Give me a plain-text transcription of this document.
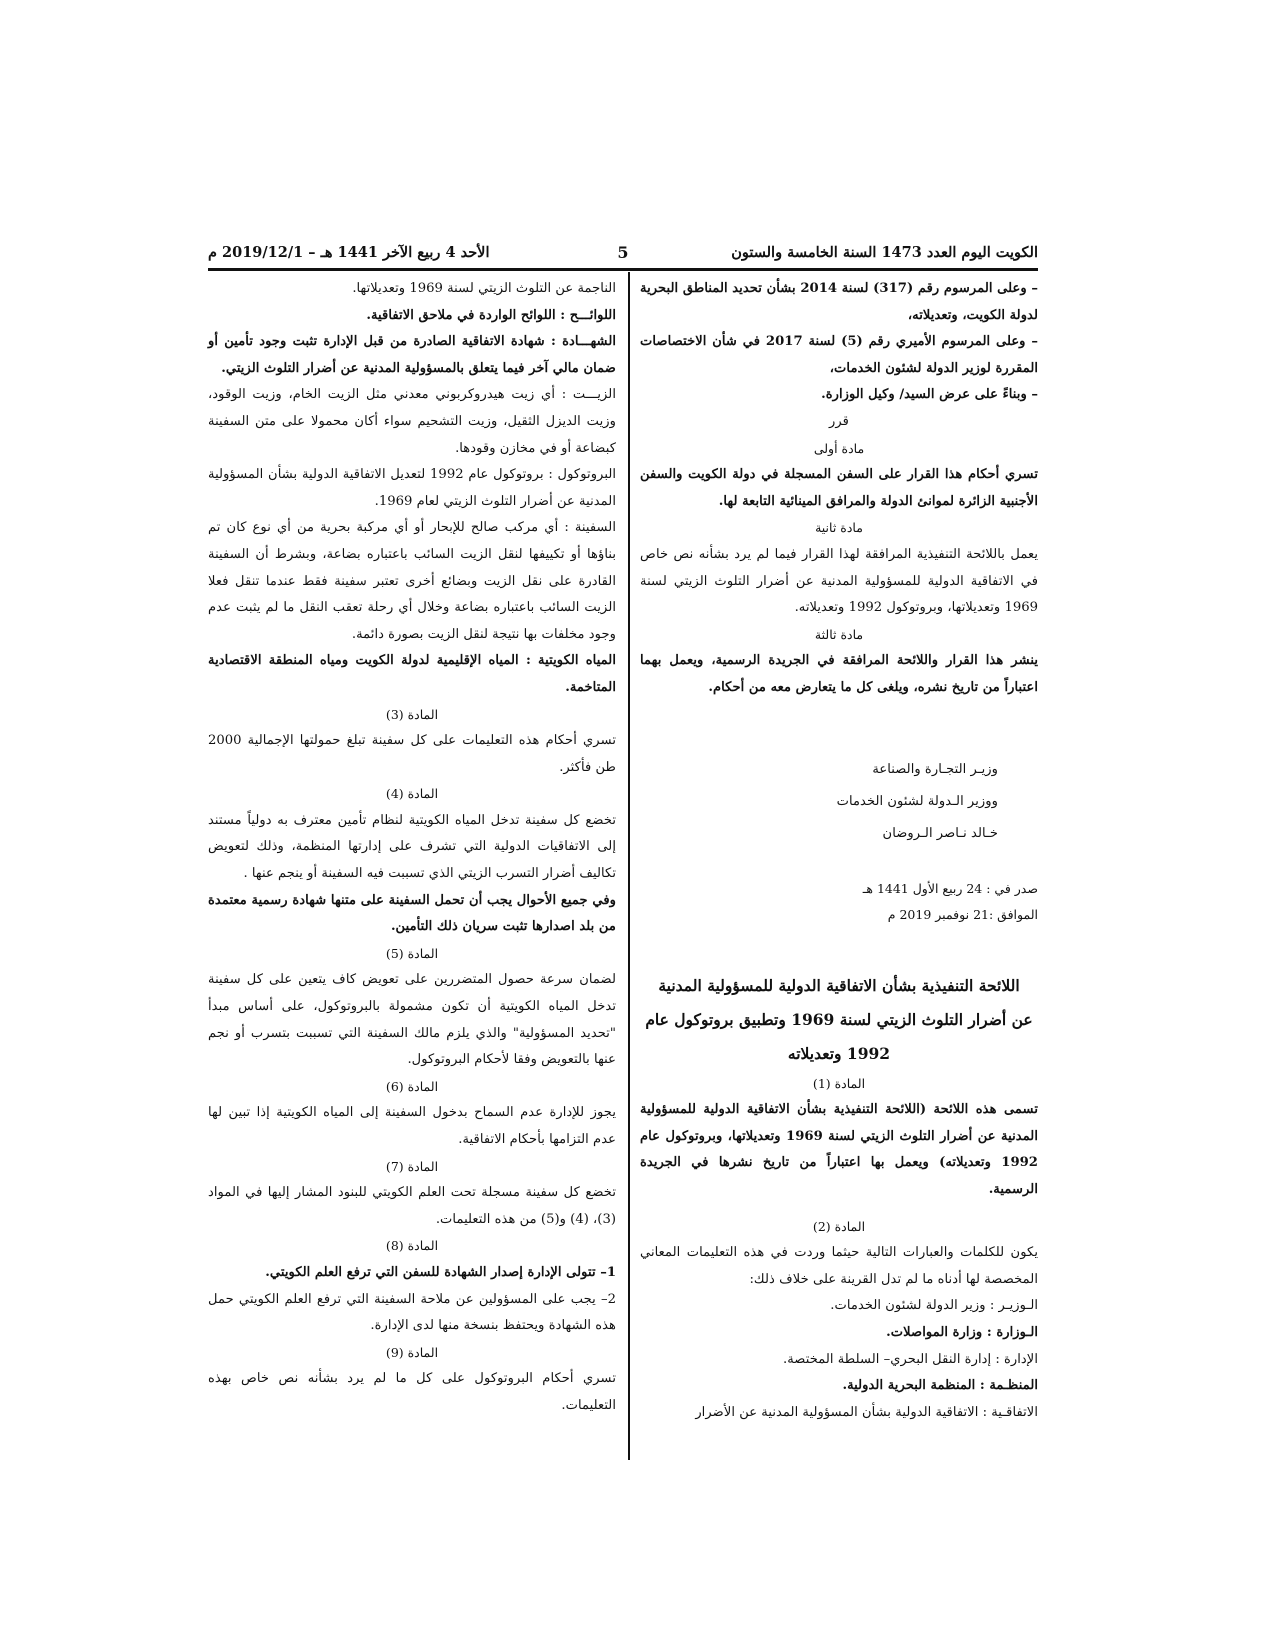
الكويت اليوم العدد 1473 السنة الخامسة والستون
5
الأحد 4 ربيع الآخر 1441 هـ – 2019/12/1 م

– وعلى المرسوم رقم (317) لسنة 2014 بشأن تحديد المناطق البحرية لدولة الكويت، وتعديلاته،

– وعلى المرسوم الأميري رقم (5) لسنة 2017 في شأن الاختصاصات المقررة لوزير الدولة لشئون الخدمات،

– وبناءً على عرض السيد/ وكيل الوزارة.

قرر

مادة أولى

تسري أحكام هذا القرار على السفن المسجلة في دولة الكويت والسفن الأجنبية الزائرة لموانئ الدولة والمرافق المينائية التابعة لها.

مادة ثانية

يعمل باللائحة التنفيذية المرافقة لهذا القرار فيما لم يرد بشأنه نص خاص في الاتفاقية الدولية للمسؤولية المدنية عن أضرار التلوث الزيتي لسنة 1969 وتعديلاتها، وبروتوكول 1992 وتعديلاته.

مادة ثالثة

ينشر هذا القرار واللائحة المرافقة في الجريدة الرسمية، ويعمل بهما اعتباراً من تاريخ نشره، ويلغى كل ما يتعارض معه من أحكام.

وزيـر التجـارة والصناعة

ووزير الـدولة لشئون الخدمات

خـالد نـاصر الـروضان

صدر في : 24 ربيع الأول 1441 هـ

الموافق :21 نوفمبر 2019 م

اللائحة التنفيذية بشأن الاتفاقية الدولية للمسؤولية المدنية

عن أضرار التلوث الزيتي لسنة 1969 وتطبيق بروتوكول عام

1992 وتعديلاته

المادة (1)

تسمى هذه اللائحة (اللائحة التنفيذية بشأن الاتفاقية الدولية للمسؤولية المدنية عن أضرار التلوث الزيتي لسنة 1969 وتعديلاتها، وبروتوكول عام 1992 وتعديلاته) ويعمل بها اعتباراً من تاريخ نشرها في الجريدة الرسمية.

المادة (2)

يكون للكلمات والعبارات التالية حيثما وردت في هذه التعليمات المعاني المخصصة لها أدناه ما لم تدل القرينة على خلاف ذلك:

الـوزيـر : وزير الدولة لشئون الخدمات.

الـوزارة : وزارة المواصلات.

الإدارة : إدارة النقل البحري– السلطة المختصة.

المنظـمة : المنظمة البحرية الدولية.

الاتفاقـية : الاتفاقية الدولية بشأن المسؤولية المدنية عن الأضرار

الناجمة عن التلوث الزيتي لسنة 1969 وتعديلاتها.

اللوائـــح : اللوائح الواردة في ملاحق الاتفاقية.

الشهـــادة : شهادة الاتفاقية الصادرة من قبل الإدارة تثبت وجود تأمين أو ضمان مالي آخر فيما يتعلق بالمسؤولية المدنية عن أضرار التلوث الزيتي.

الزيـــت : أي زيت هيدروكربوني معدني مثل الزيت الخام، وزيت الوقود، وزيت الديزل الثقيل، وزيت التشحيم سواء أكان محمولا على متن السفينة كبضاعة أو في مخازن وقودها.

البروتوكول : بروتوكول عام 1992 لتعديل الاتفاقية الدولية بشأن المسؤولية المدنية عن أضرار التلوث الزيتي لعام 1969.

السفينة : أي مركب صالح للإبحار أو أي مركبة بحرية من أي نوع كان تم بناؤها أو تكييفها لنقل الزيت السائب باعتباره بضاعة، وبشرط أن السفينة القادرة على نقل الزيت وبضائع أخرى تعتبر سفينة فقط عندما تنقل فعلا الزيت السائب باعتباره بضاعة وخلال أي رحلة تعقب النقل ما لم يثبت عدم وجود مخلفات بها نتيجة لنقل الزيت بصورة دائمة.

المياه الكويتية : المياه الإقليمية لدولة الكويت ومياه المنطقة الاقتصادية المتاخمة.

المادة (3)

تسري أحكام هذه التعليمات على كل سفينة تبلغ حمولتها الإجمالية 2000 طن فأكثر.

المادة (4)

تخضع كل سفينة تدخل المياه الكويتية لنظام تأمين معترف به دولياً مستند إلى الاتفاقيات الدولية التي تشرف على إدارتها المنظمة، وذلك لتعويض تكاليف أضرار التسرب الزيتي الذي تسببت فيه السفينة أو ينجم عنها .

وفي جميع الأحوال يجب أن تحمل السفينة على متنها شهادة رسمية معتمدة من بلد اصدارها تثبت سريان ذلك التأمين.

المادة (5)

لضمان سرعة حصول المتضررين على تعويض كاف يتعين على كل سفينة تدخل المياه الكويتية أن تكون مشمولة بالبروتوكول، على أساس مبدأ "تحديد المسؤولية" والذي يلزم مالك السفينة التي تسببت بتسرب أو نجم عنها بالتعويض وفقا لأحكام البروتوكول.

المادة (6)

يجوز للإدارة عدم السماح بدخول السفينة إلى المياه الكويتية إذا تبين لها عدم التزامها بأحكام الاتفاقية.

المادة (7)

تخضع كل سفينة مسجلة تحت العلم الكويتي للبنود المشار إليها في المواد (3)، (4) و(5) من هذه التعليمات.

المادة (8)

1– تتولى الإدارة إصدار الشهادة للسفن التي ترفع العلم الكويتي.

2– يجب على المسؤولين عن ملاحة السفينة التي ترفع العلم الكويتي حمل هذه الشهادة ويحتفظ بنسخة منها لدى الإدارة.

المادة (9)

تسري أحكام البروتوكول على كل ما لم يرد بشأنه نص خاص بهذه التعليمات.
